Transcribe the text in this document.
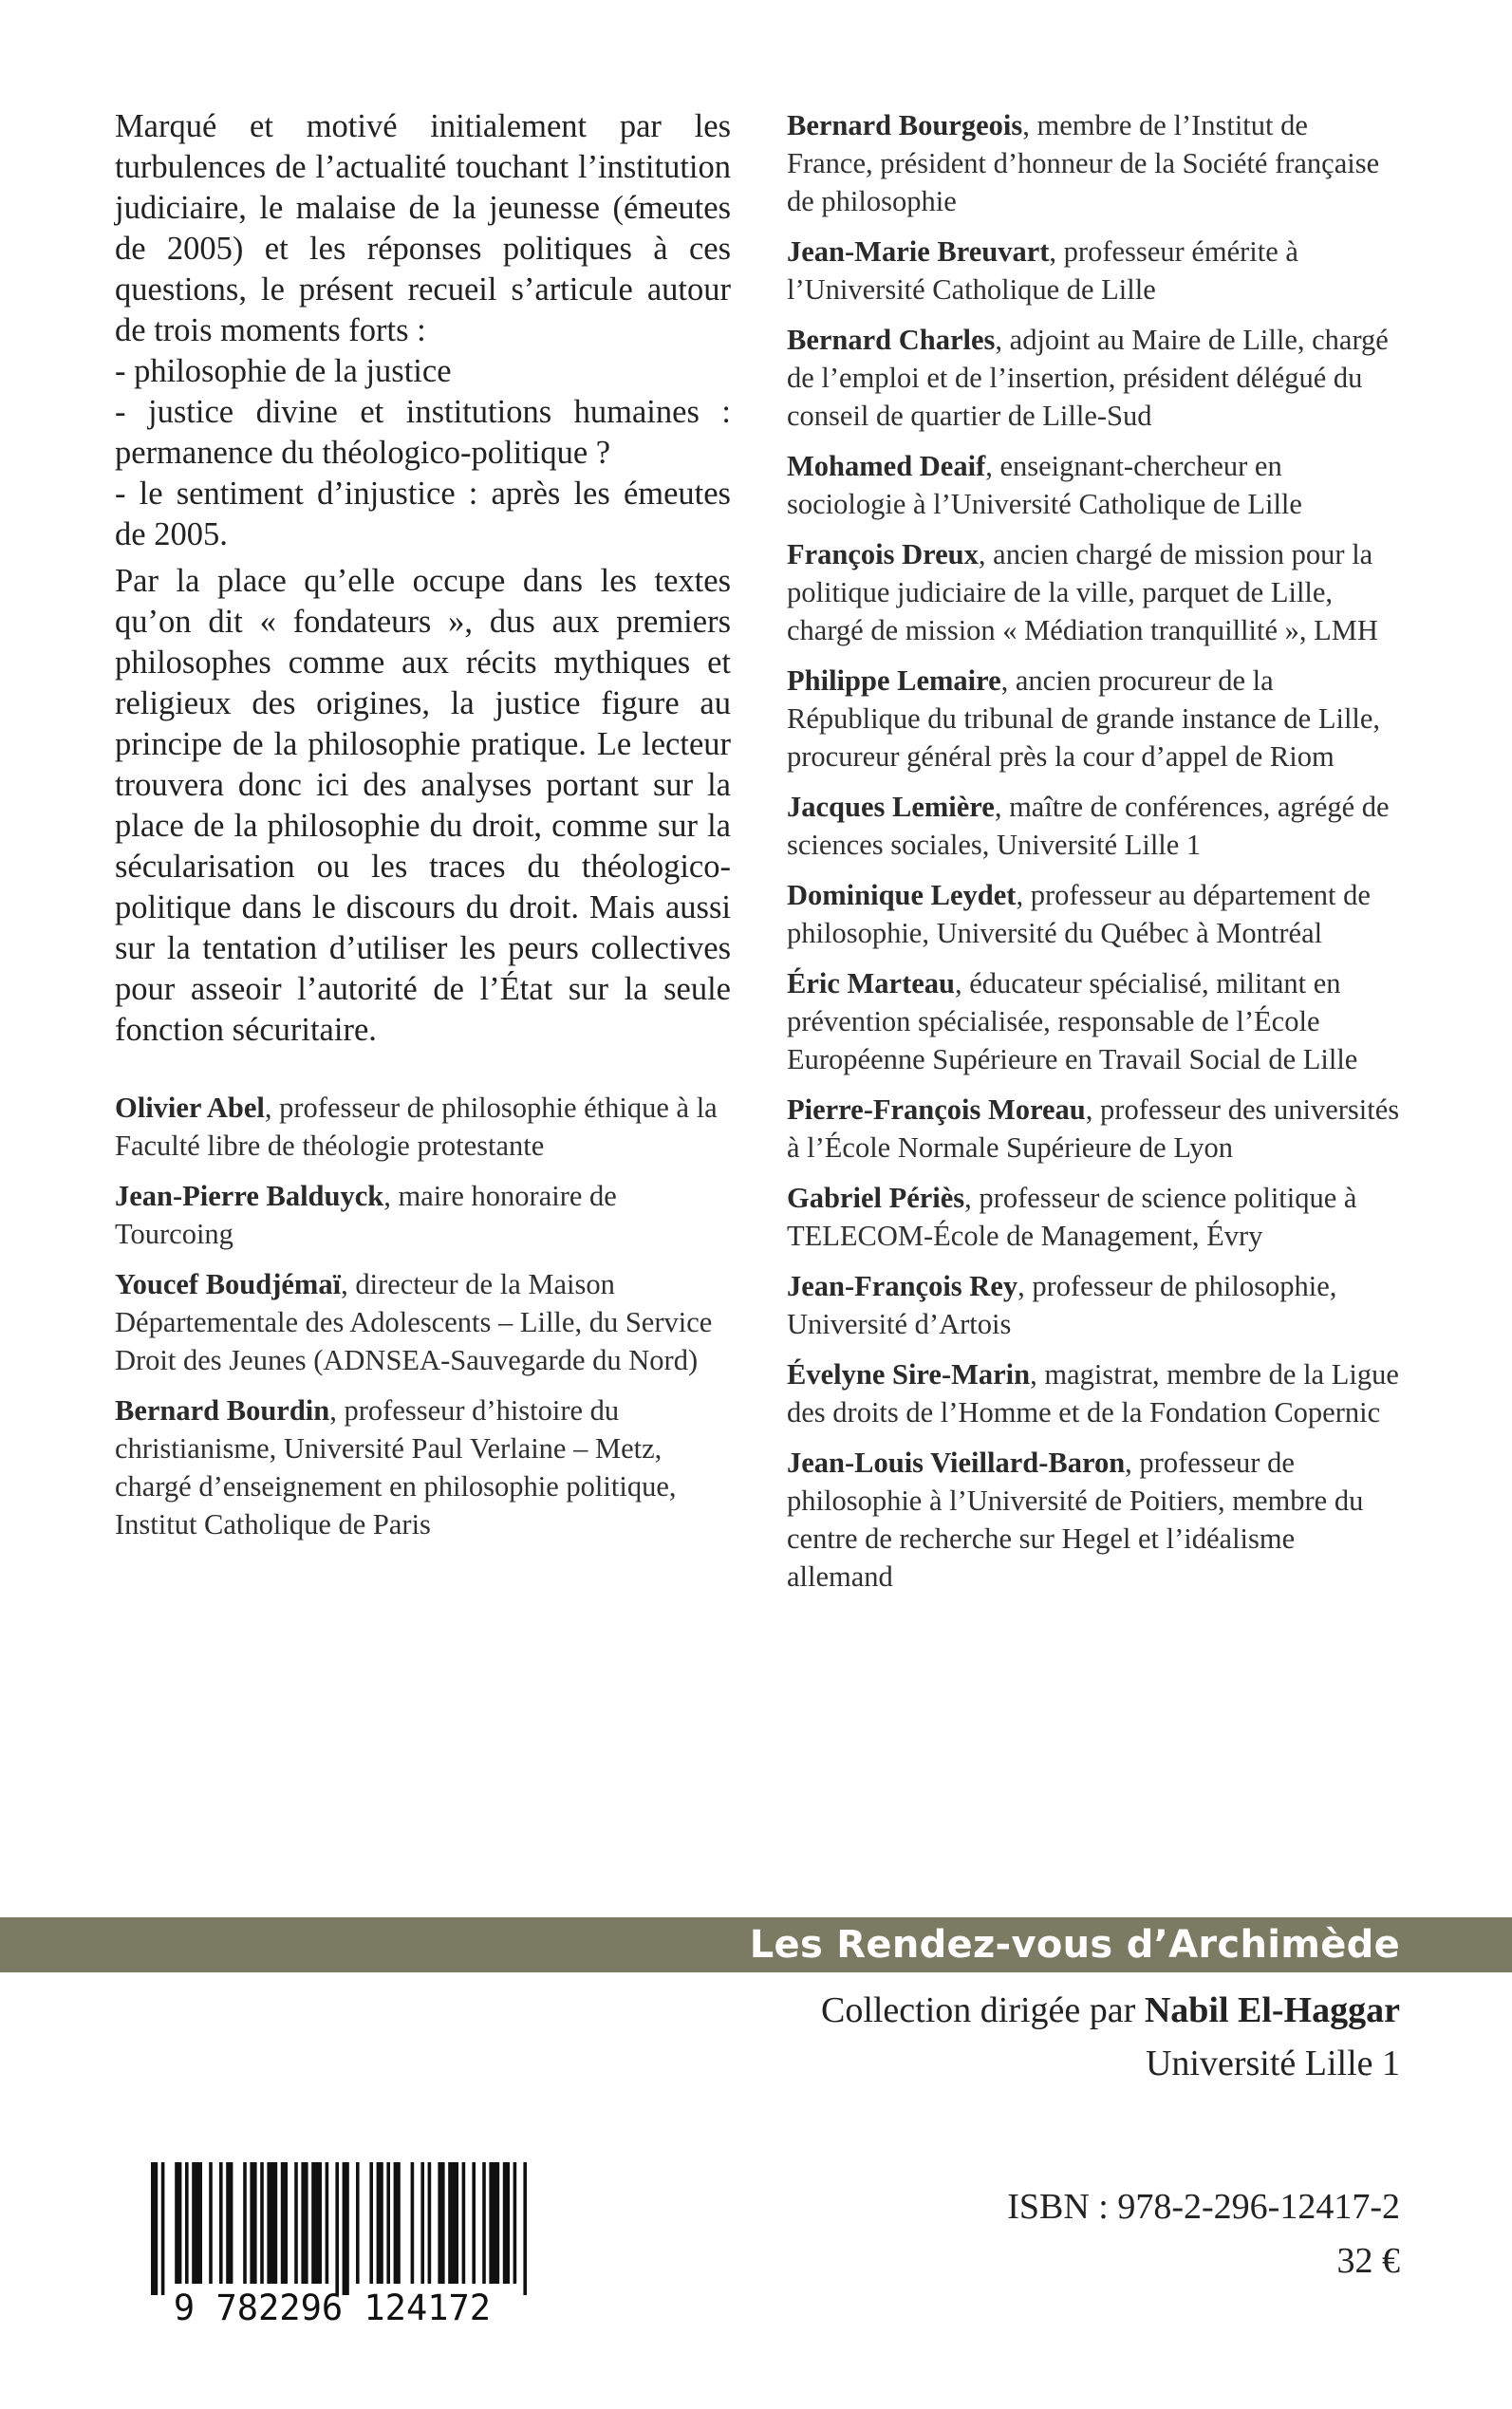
Marqué et motivé initialement par les turbulences de l’actualité touchant l’institution judiciaire, le malaise de la jeunesse (émeutes de 2005) et les réponses politiques à ces questions, le présent recueil s’articule autour de trois moments forts :
- philosophie de la justice
- justice divine et institutions humaines : permanence du théologico-politique ?
- le sentiment d’injustice : après les émeutes de 2005.

Par la place qu’elle occupe dans les textes qu’on dit « fondateurs », dus aux premiers philosophes comme aux récits mythiques et religieux des origines, la justice figure au principe de la philosophie pratique. Le lecteur trouvera donc ici des analyses portant sur la place de la philosophie du droit, comme sur la sécularisation ou les traces du théologico-politique dans le discours du droit. Mais aussi sur la tentation d’utiliser les peurs collectives pour asseoir l’autorité de l’État sur la seule fonction sécuritaire.

Olivier Abel, professeur de philosophie éthique à la Faculté libre de théologie protestante

Jean-Pierre Balduyck, maire honoraire de Tourcoing

Youcef Boudjémaï, directeur de la Maison Départementale des Adolescents – Lille, du Service Droit des Jeunes (ADNSEA-Sauvegarde du Nord)

Bernard Bourdin, professeur d’histoire du christianisme, Université Paul Verlaine – Metz, chargé d’enseignement en philosophie politique, Institut Catholique de Paris

Bernard Bourgeois, membre de l’Institut de France, président d’honneur de la Société française de philosophie

Jean-Marie Breuvart, professeur émérite à l’Université Catholique de Lille

Bernard Charles, adjoint au Maire de Lille, chargé de l’emploi et de l’insertion, président délégué du conseil de quartier de Lille-Sud

Mohamed Deaif, enseignant-chercheur en sociologie à l’Université Catholique de Lille

François Dreux, ancien chargé de mission pour la politique judiciaire de la ville, parquet de Lille, chargé de mission « Médiation tranquillité », LMH

Philippe Lemaire, ancien procureur de la République du tribunal de grande instance de Lille, procureur général près la cour d’appel de Riom

Jacques Lemière, maître de conférences, agrégé de sciences sociales, Université Lille 1

Dominique Leydet, professeur au département de philosophie, Université du Québec à Montréal

Éric Marteau, éducateur spécialisé, militant en prévention spécialisée, responsable de l’École Européenne Supérieure en Travail Social de Lille

Pierre-François Moreau, professeur des universités à l’École Normale Supérieure de Lyon

Gabriel Périès, professeur de science politique à TELECOM-École de Management, Évry

Jean-François Rey, professeur de philosophie, Université d’Artois

Évelyne Sire-Marin, magistrat, membre de la Ligue des droits de l’Homme et de la Fondation Copernic

Jean-Louis Vieillard-Baron, professeur de philosophie à l’Université de Poitiers, membre du centre de recherche sur Hegel et l’idéalisme allemand

Les Rendez-vous d’Archimède
Collection dirigée par Nabil El-Haggar
Université Lille 1
9 782296 124172
ISBN : 978-2-296-12417-2
32 €
